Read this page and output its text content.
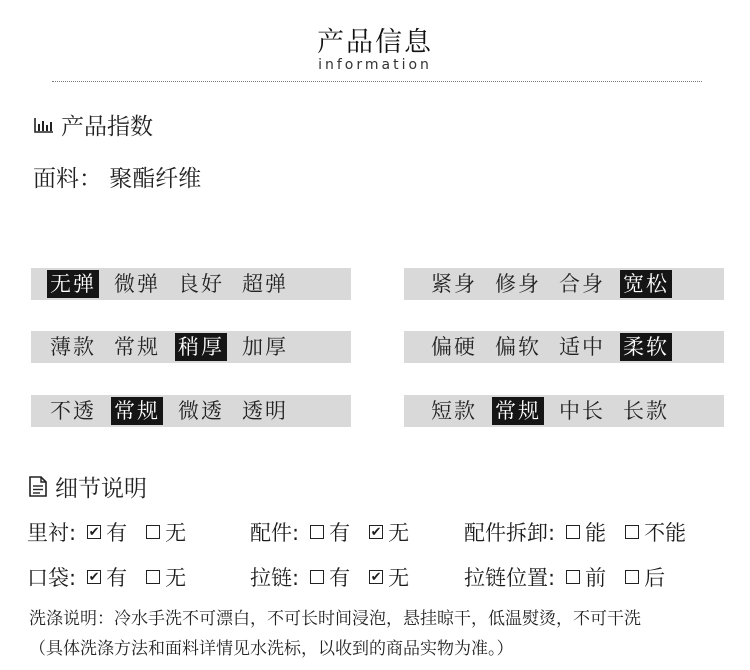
产品信息
information
产品指数
面料： 聚酯纤维
无弹 微弹 良好 超弹	紧身 修身 合身 宽松
薄款 常规 稍厚 加厚	偏硬 偏软 适中 柔软
不透 常规 微透 透明	短款 常规 中长 长款
细节说明
里衬: ✔ 有 无	配件: 有 ✔ 无	配件拆卸: 能 不能
口袋: ✔ 有 无	拉链: 有 ✔ 无	拉链位置: 前 后
洗涤说明：冷水手洗不可漂白，不可长时间浸泡，悬挂晾干，低温熨烫，不可干洗
（具体洗涤方法和面料详情见水洗标，以收到的商品实物为准。）
